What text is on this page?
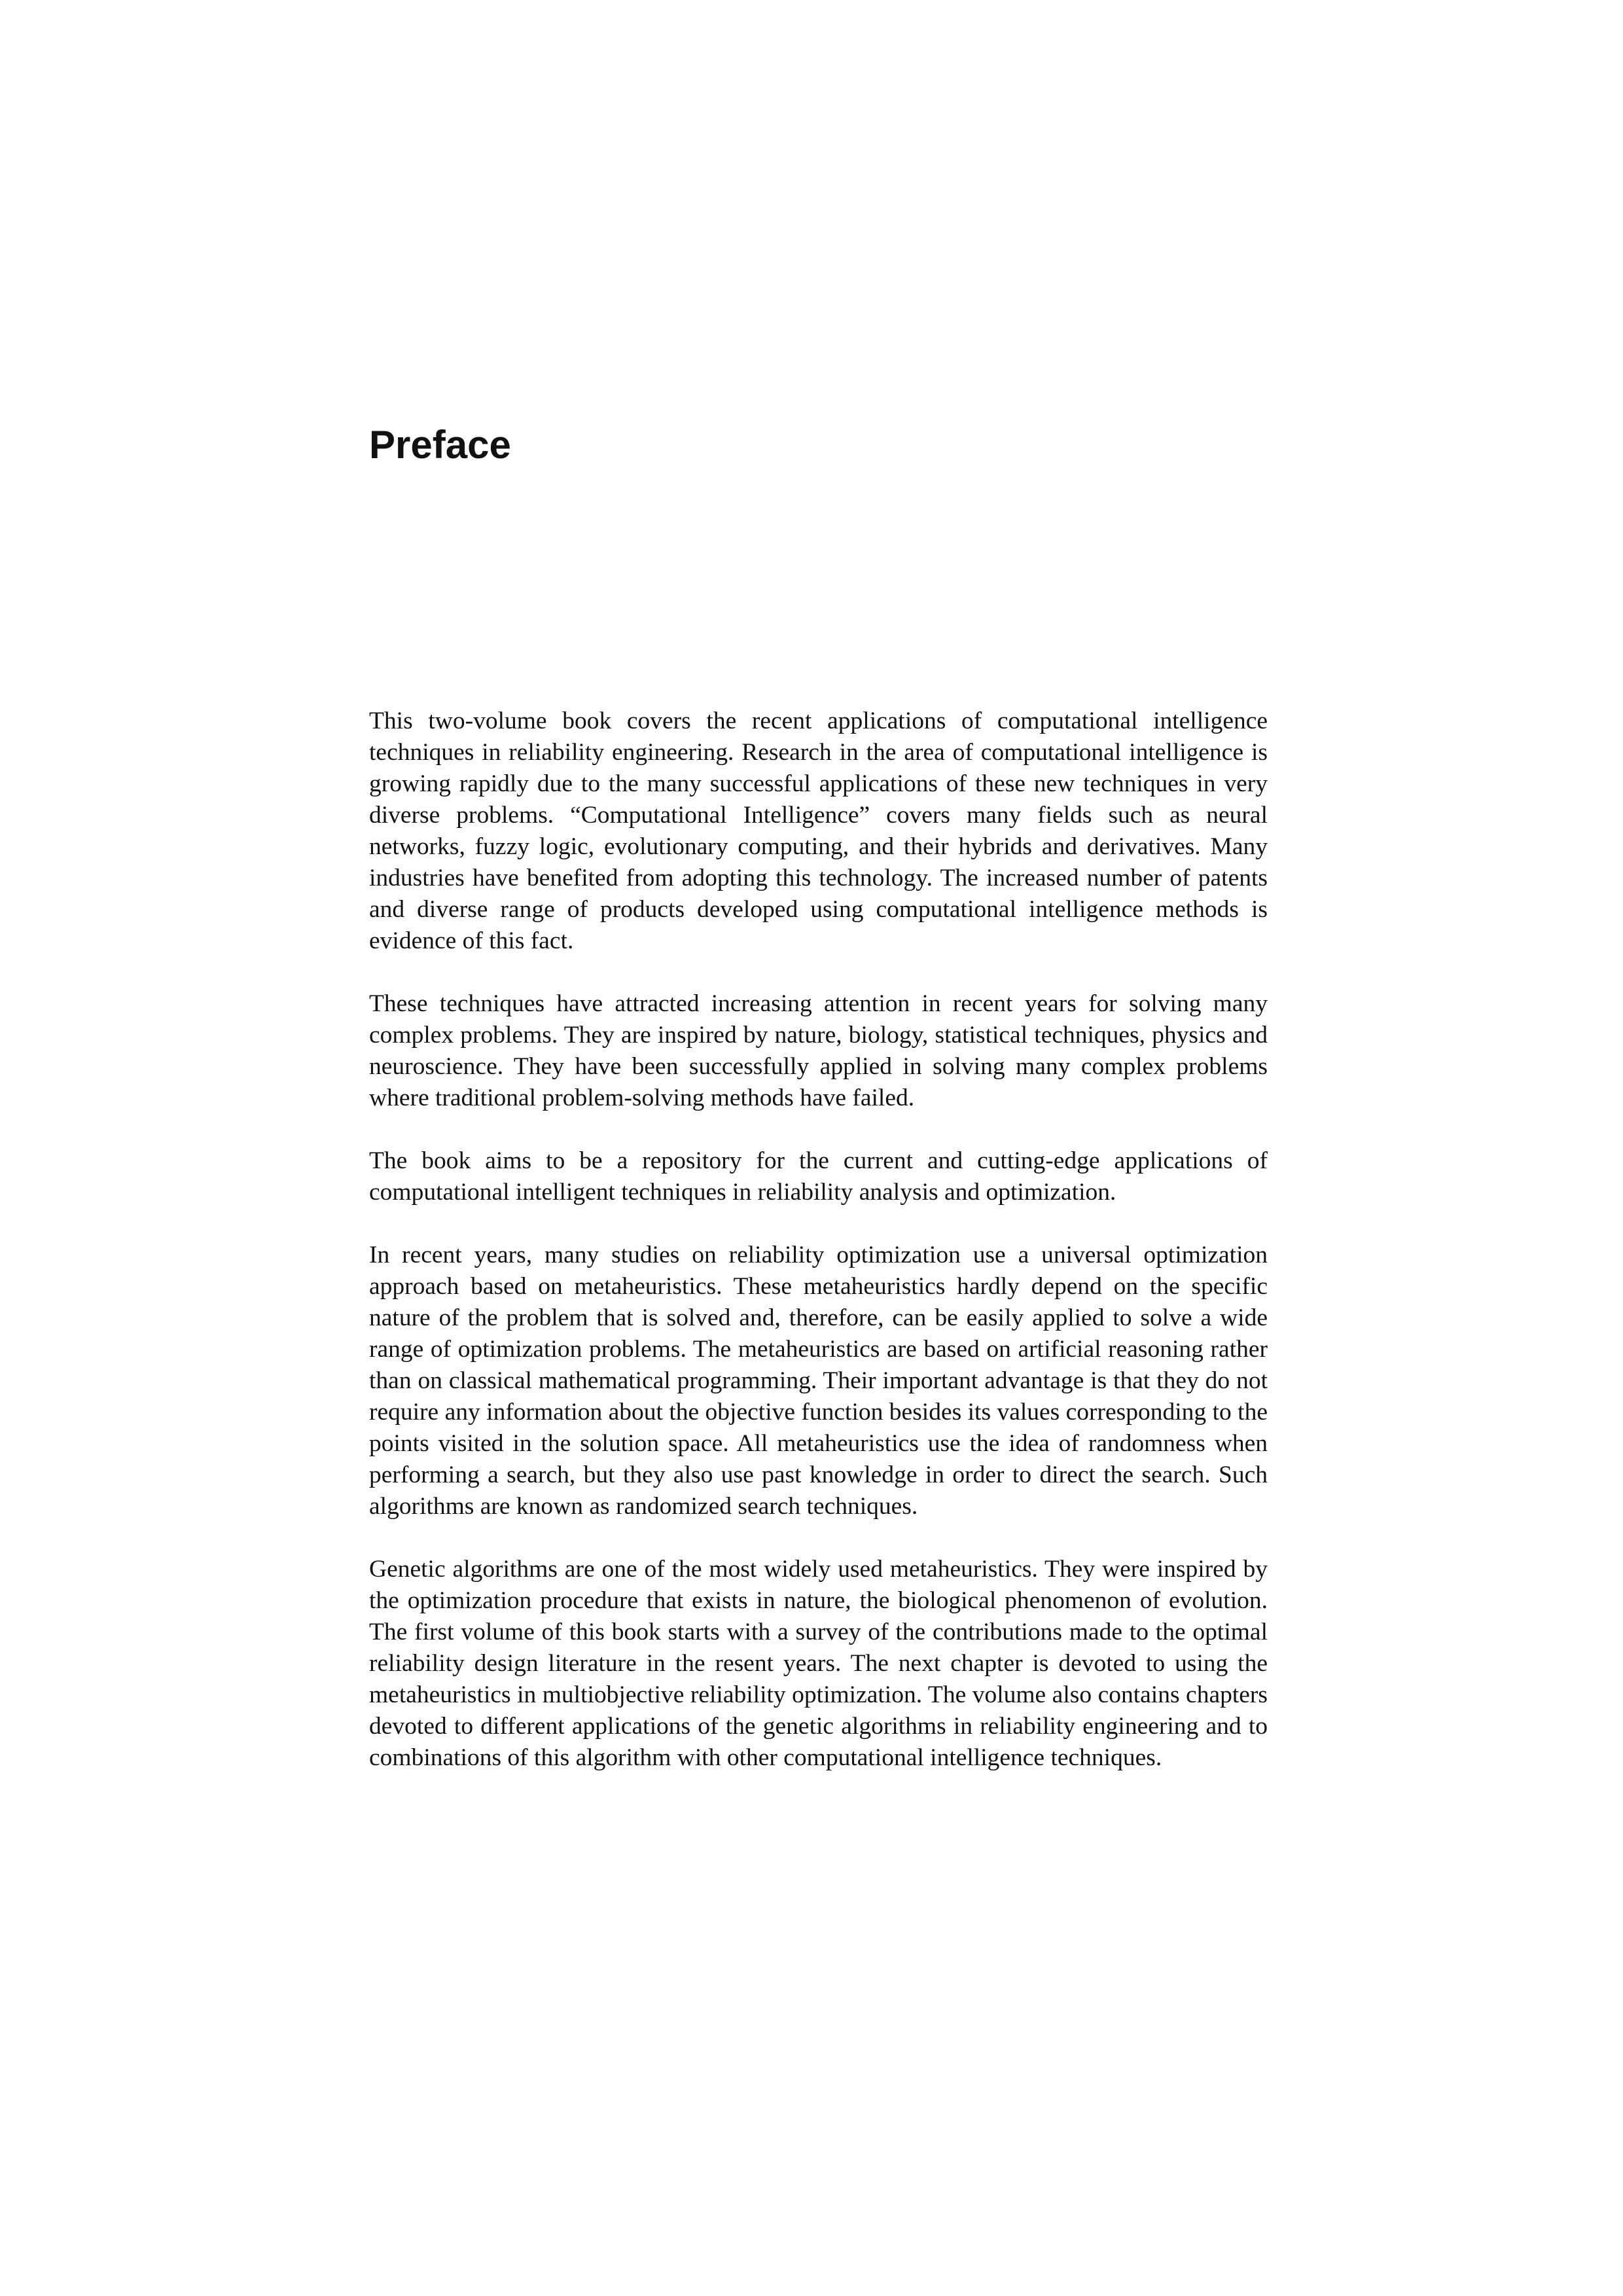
Preface

This two-volume book covers the recent applications of computational intelligence techniques in reliability engineering. Research in the area of computational intelligence is growing rapidly due to the many successful applications of these new techniques in very diverse problems. “Computational Intelligence” covers many fields such as neural networks, fuzzy logic, evolutionary computing, and their hybrids and derivatives. Many industries have benefited from adopting this technology. The increased number of patents and diverse range of products developed using computational intelligence methods is evidence of this fact.

These techniques have attracted increasing attention in recent years for solving many complex problems. They are inspired by nature, biology, statistical techniques, physics and neuroscience. They have been successfully applied in solving many complex problems where traditional problem-solving methods have failed.

The book aims to be a repository for the current and cutting-edge applications of computational intelligent techniques in reliability analysis and optimization.

In recent years, many studies on reliability optimization use a universal optimization approach based on metaheuristics. These metaheuristics hardly depend on the specific nature of the problem that is solved and, therefore, can be easily applied to solve a wide range of optimization problems. The metaheuristics are based on artificial reasoning rather than on classical mathematical programming. Their important advantage is that they do not require any information about the objective function besides its values corresponding to the points visited in the solution space. All metaheuristics use the idea of randomness when performing a search, but they also use past knowledge in order to direct the search. Such algorithms are known as randomized search techniques.

Genetic algorithms are one of the most widely used metaheuristics. They were inspired by the optimization procedure that exists in nature, the biological phenomenon of evolution. The first volume of this book starts with a survey of the contributions made to the optimal reliability design literature in the resent years. The next chapter is devoted to using the metaheuristics in multiobjective reliability optimization. The volume also contains chapters devoted to different applications of the genetic algorithms in reliability engineering and to combinations of this algorithm with other computational intelligence techniques.
